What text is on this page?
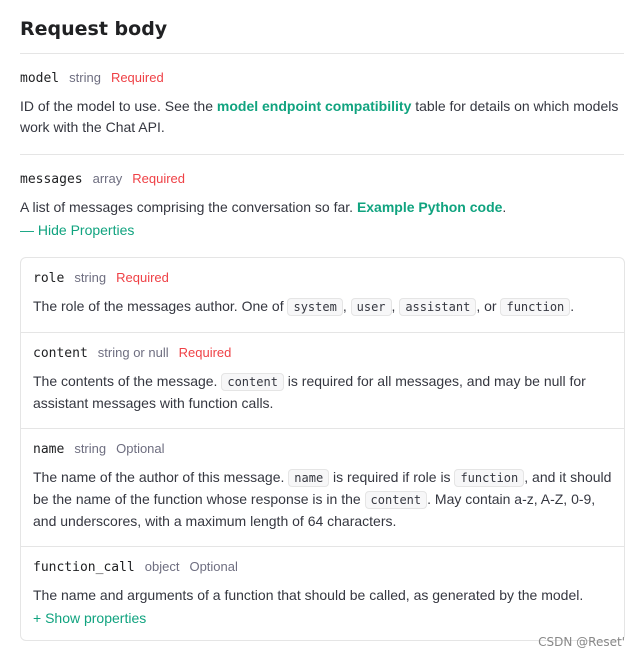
Request body
model string Required
ID of the model to use. See the model endpoint compatibility table for details on which models work with the Chat API.
messages array Required
A list of messages comprising the conversation so far. Example Python code.
— Hide Properties
role string Required
The role of the messages author. One of system , user , assistant , or function .
content string or null Required
The contents of the message. content is required for all messages, and may be null for assistant messages with function calls.
name string Optional
The name of the author of this message. name is required if role is function , and it should be the name of the function whose response is in the content . May contain a-z, A-Z, 0-9, and underscores, with a maximum length of 64 characters.
function_call object Optional
The name and arguments of a function that should be called, as generated by the model.
+ Show properties
CSDN @Reset'
